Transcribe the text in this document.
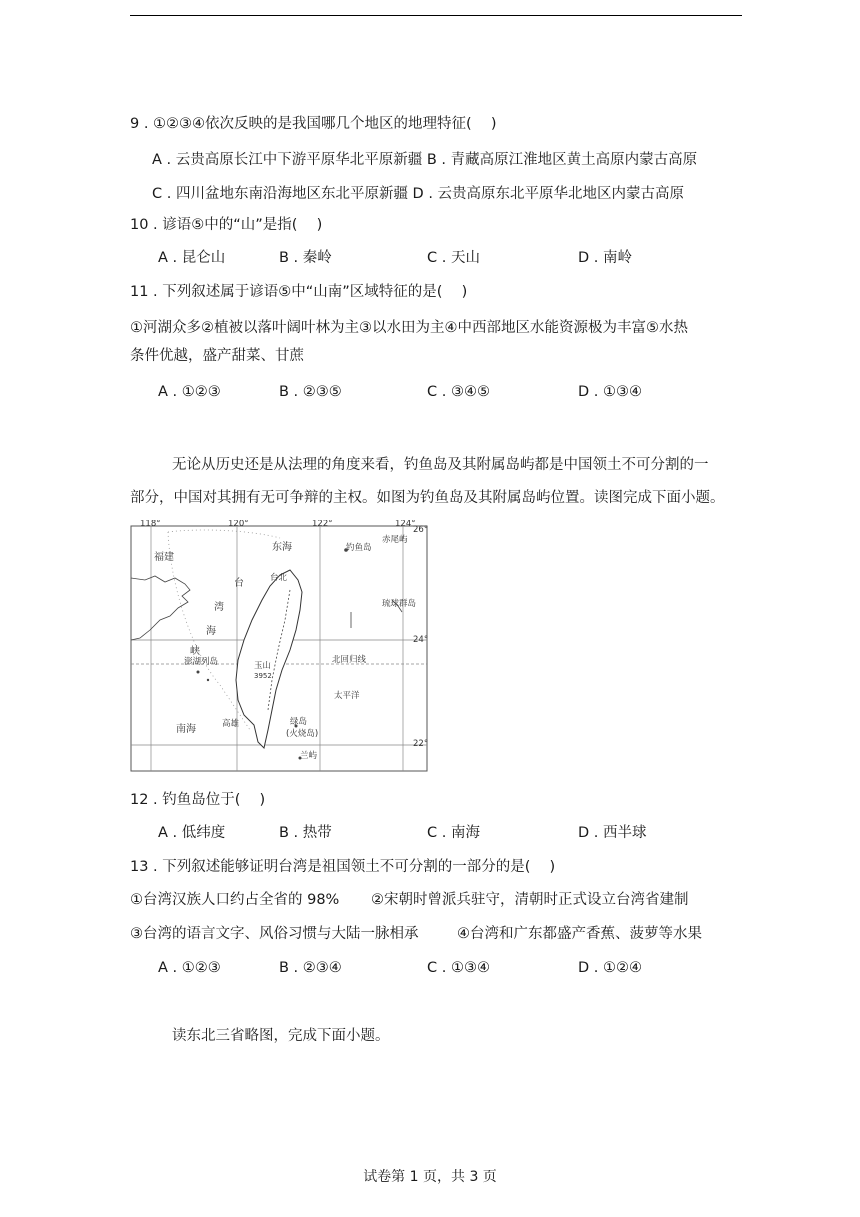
9 . ①②③④依次反映的是我国哪几个地区的地理特征(　 )
A . 云贵高原长江中下游平原华北平原新疆 B . 青藏高原江淮地区黄土高原内蒙古高原
C . 四川盆地东南沿海地区东北平原新疆 D . 云贵高原东北平原华北地区内蒙古高原
10 . 谚语⑤中的“山”是指(　 )
A . 昆仑山	B . 秦岭	C . 天山	D . 南岭
11 . 下列叙述属于谚语⑤中“山南”区域特征的是(　 )
①河湖众多②植被以落叶阔叶林为主③以水田为主④中西部地区水能资源极为丰富⑤水热
条件优越，盛产甜菜、甘蔗
A . ①②③	B . ②③⑤	C . ③④⑤	D . ①③④
无论从历史还是从法理的角度来看，钓鱼岛及其附属岛屿都是中国领土不可分割的一
部分，中国对其拥有无可争辩的主权。如图为钓鱼岛及其附属岛屿位置。读图完成下面小题。
118°	120°	122°	124°
26°
24°
22°
福建
东海	钓鱼岛
赤尾屿
台北
台
湾
海
峡
澎湖列岛
琉球群岛
玉山
3952
北回归线
太平洋
南海	高雄	绿岛
(火烧岛)
兰屿
12 . 钓鱼岛位于(　 )
A . 低纬度	B . 热带	C . 南海	D . 西半球
13 . 下列叙述能够证明台湾是祖国领土不可分割的一部分的是(　 )
①台湾汉族人口约占全省的 98% ②宋朝时曾派兵驻守，清朝时正式设立台湾省建制
③台湾的语言文字、风俗习惯与大陆一脉相承	④台湾和广东都盛产香蕉、菠萝等水果
A . ①②③	B . ②③④	C . ①③④	D . ①②④
读东北三省略图，完成下面小题。
试卷第 1 页，共 3 页
